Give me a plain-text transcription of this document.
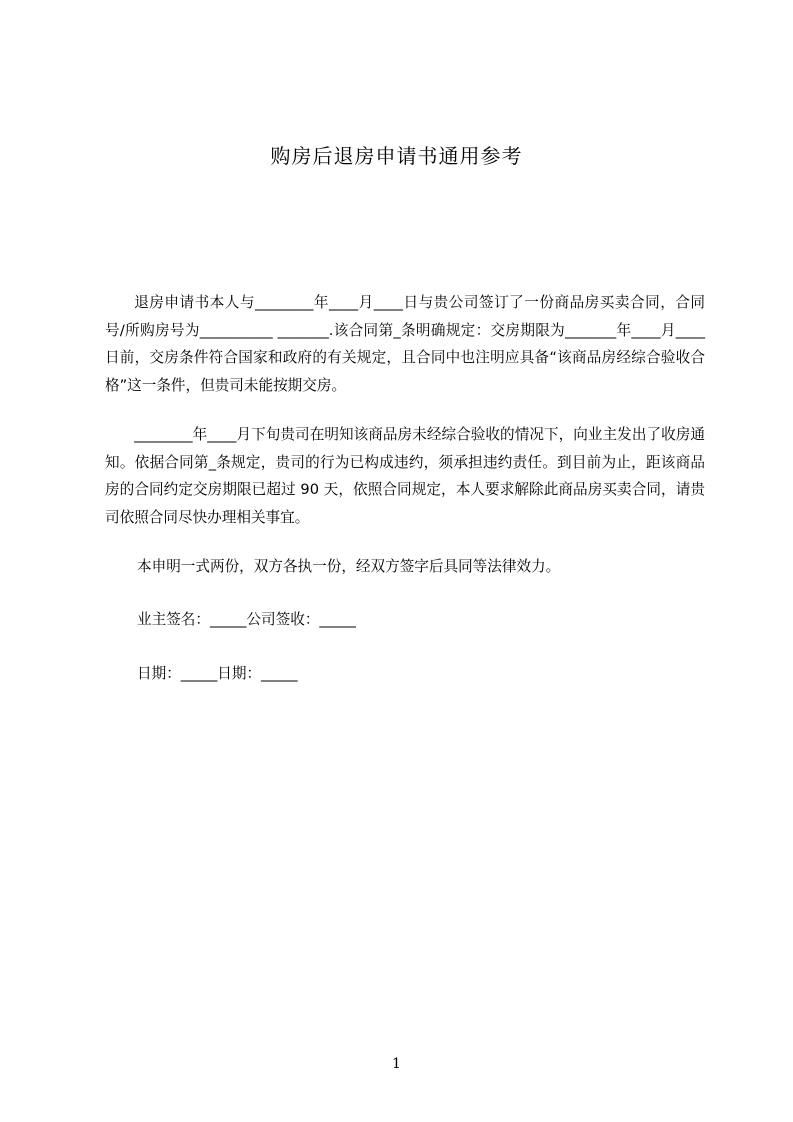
购房后退房申请书通用参考

退房申请书本人与________年____月____日与贵公司签订了一份商品房买卖合同，合同号/所购房号为__________ _______.该合同第_条明确规定：交房期限为_______年____月____日前，交房条件符合国家和政府的有关规定，且合同中也注明应具备“该商品房经综合验收合格”这一条件，但贵司未能按期交房。

________年____月下旬贵司在明知该商品房未经综合验收的情况下，向业主发出了收房通知。依据合同第_条规定，贵司的行为已构成违约，须承担违约责任。到目前为止，距该商品房的合同约定交房期限已超过 90 天，依照合同规定，本人要求解除此商品房买卖合同，请贵司依照合同尽快办理相关事宜。

本申明一式两份，双方各执一份，经双方签字后具同等法律效力。

业主签名：_____公司签收：_____

日期：_____日期：_____

1
